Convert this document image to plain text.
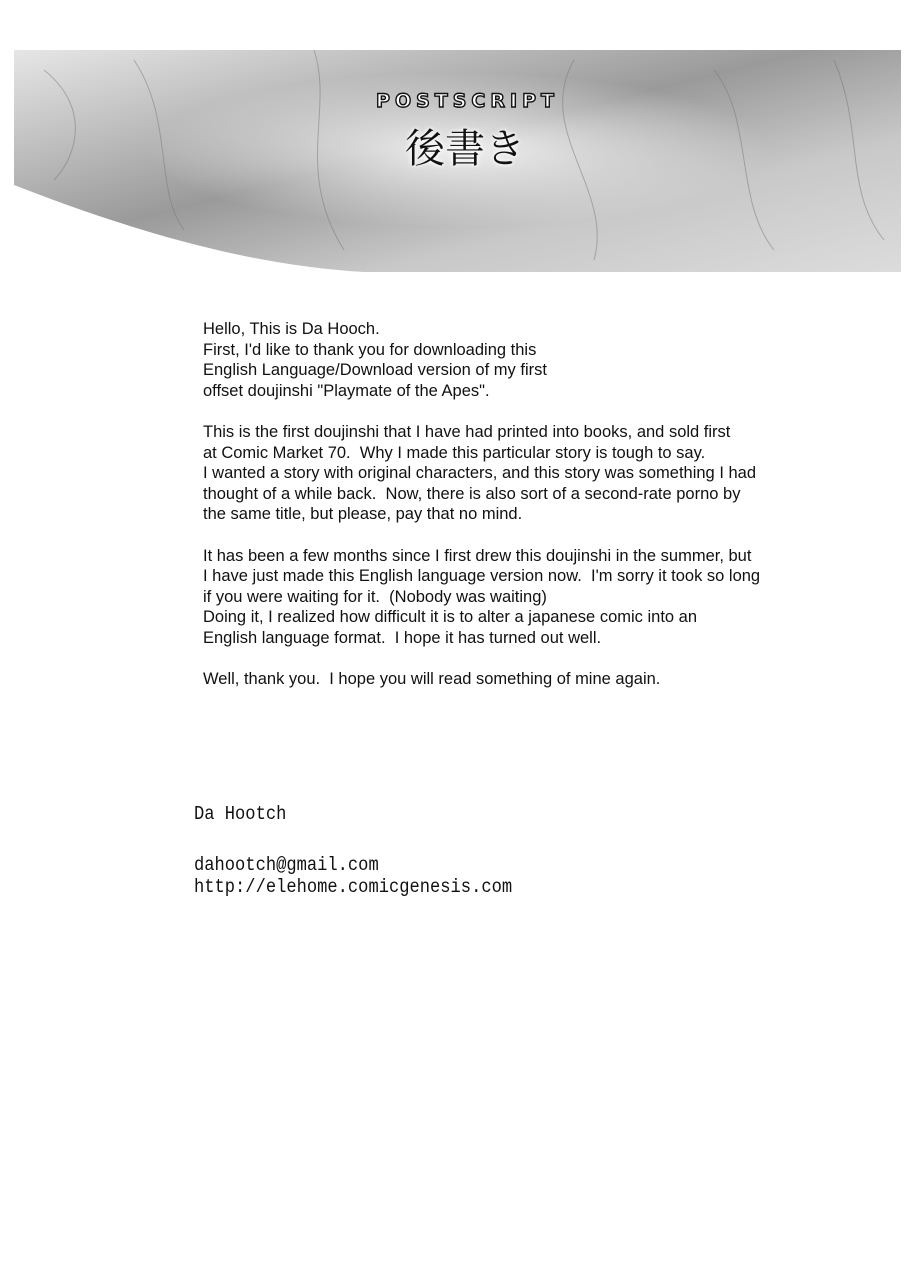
POSTSCRIPT
後書き
Hello, This is Da Hooch.
First, I'd like to thank you for downloading this
English Language/Download version of my first
offset doujinshi "Playmate of the Apes".
This is the first doujinshi that I have had printed into books, and sold first
at Comic Market 70.  Why I made this particular story is tough to say.
I wanted a story with original characters, and this story was something I had
thought of a while back.  Now, there is also sort of a second-rate porno by
the same title, but please, pay that no mind.
It has been a few months since I first drew this doujinshi in the summer, but
I have just made this English language version now.  I'm sorry it took so long
if you were waiting for it.  (Nobody was waiting)
Doing it, I realized how difficult it is to alter a japanese comic into an
English language format.  I hope it has turned out well.
Well, thank you.  I hope you will read something of mine again.
Da Hootch
dahootch@gmail.com
http://elehome.comicgenesis.com
